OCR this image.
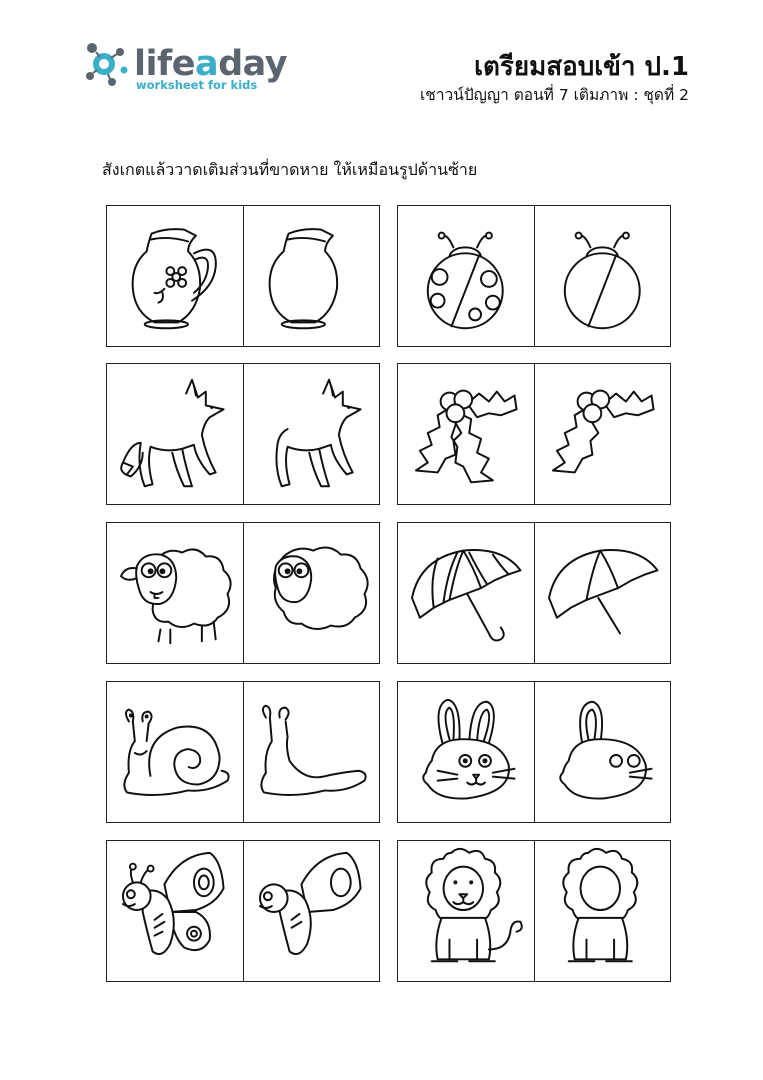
lifeaday
worksheet for kids
เตรียมสอบเข้า ป.1
เชาวน์ปัญญา ตอนที่ 7 เติมภาพ : ชุดที่ 2
สังเกตแล้ววาดเติมส่วนที่ขาดหาย ให้เหมือนรูปด้านซ้าย
